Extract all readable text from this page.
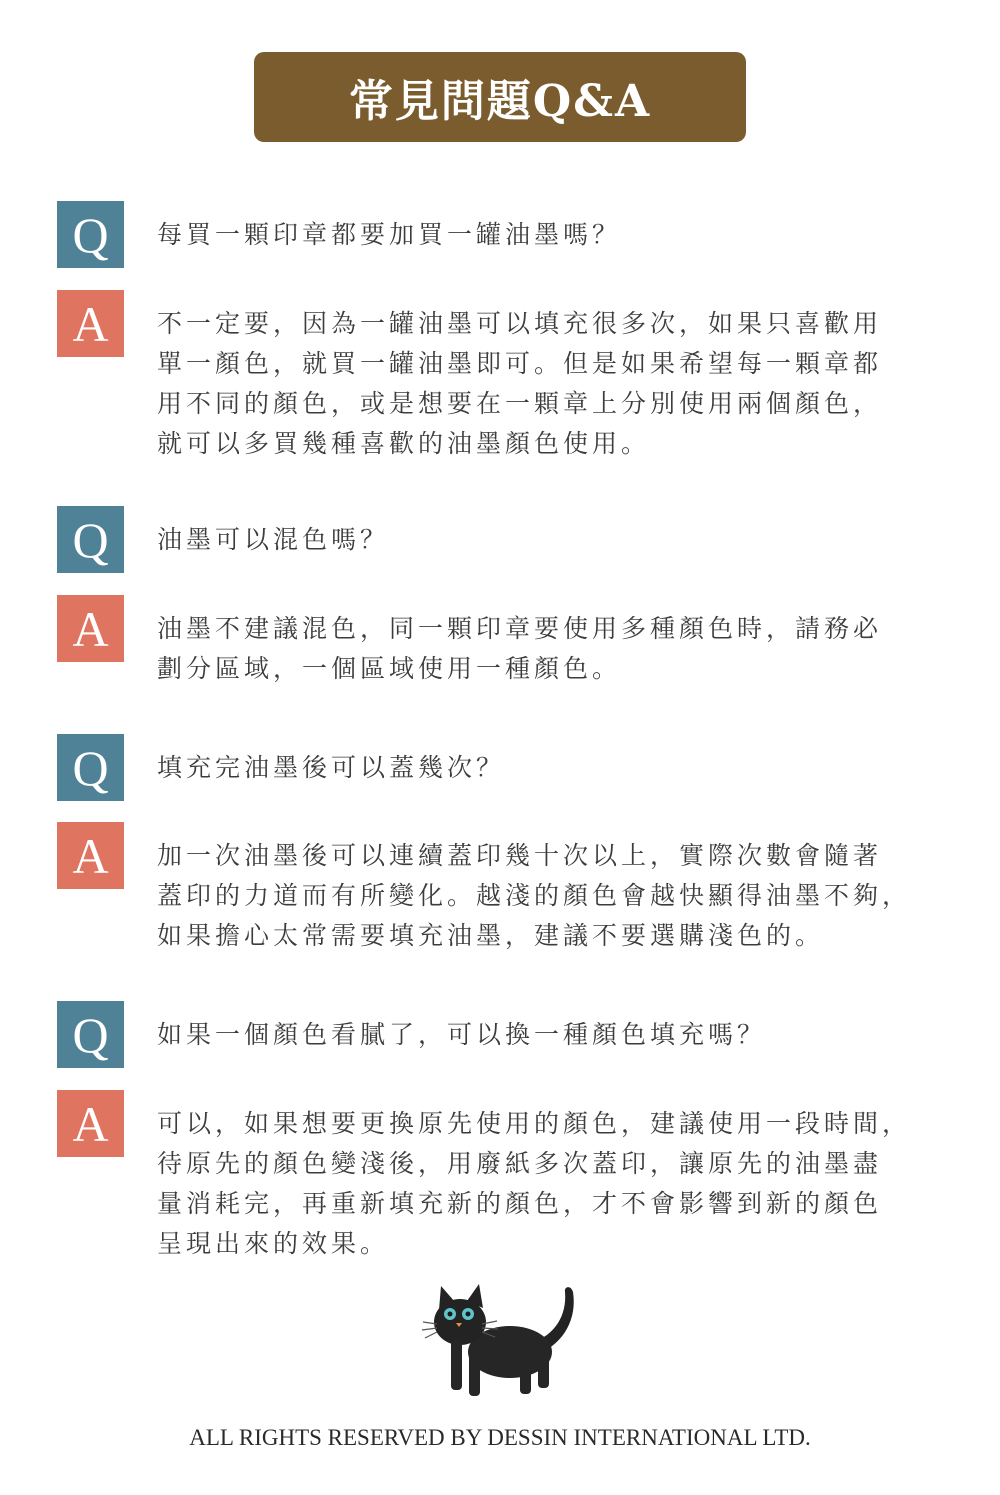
常見問題Q&A
Q	每買一顆印章都要加買一罐油墨嗎？
A	不一定要，因為一罐油墨可以填充很多次，如果只喜歡用
單一顏色，就買一罐油墨即可。但是如果希望每一顆章都
用不同的顏色，或是想要在一顆章上分別使用兩個顏色，
就可以多買幾種喜歡的油墨顏色使用。
Q	油墨可以混色嗎？
A	油墨不建議混色，同一顆印章要使用多種顏色時，請務必
劃分區域，一個區域使用一種顏色。
Q	填充完油墨後可以蓋幾次？
A	加一次油墨後可以連續蓋印幾十次以上，實際次數會隨著
蓋印的力道而有所變化。越淺的顏色會越快顯得油墨不夠，
如果擔心太常需要填充油墨，建議不要選購淺色的。
Q	如果一個顏色看膩了，可以換一種顏色填充嗎？
A	可以，如果想要更換原先使用的顏色，建議使用一段時間，
待原先的顏色變淺後，用廢紙多次蓋印，讓原先的油墨盡
量消耗完，再重新填充新的顏色，才不會影響到新的顏色
呈現出來的效果。
ALL RIGHTS RESERVED BY DESSIN INTERNATIONAL LTD.
